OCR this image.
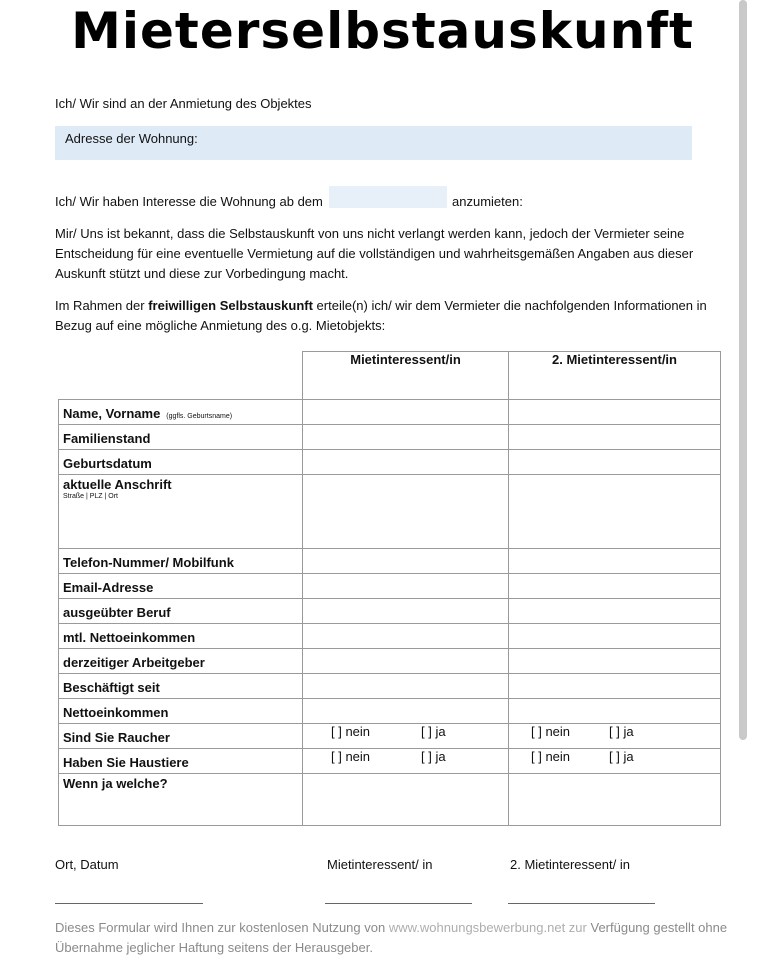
Mieterselbstauskunft
Ich/ Wir sind an der Anmietung des Objektes
Adresse der Wohnung:
Ich/ Wir haben Interesse die Wohnung ab dem	anzumieten:
Mir/ Uns ist bekannt, dass die Selbstauskunft von uns nicht verlangt werden kann, jedoch der Vermieter seine Entscheidung für eine eventuelle Vermietung auf die vollständigen und wahrheitsgemäßen Angaben aus dieser Auskunft stützt und diese zur Vorbedingung macht.
Im Rahmen der freiwilligen Selbstauskunft erteile(n) ich/ wir dem Vermieter die nachfolgenden Informationen in Bezug auf eine mögliche Anmietung des o.g. Mietobjekts:
	Mietinteressent/in	2. Mietinteressent/in
Name, Vorname (ggfls. Geburtsname)		
Familienstand		
Geburtsdatum		
aktuelle Anschrift
Straße | PLZ | Ort		

Telefon-Nummer/ Mobilfunk		
Email-Adresse		
ausgeübter Beruf		
mtl. Nettoeinkommen		
derzeitiger Arbeitgeber		
Beschäftigt seit		
Nettoeinkommen		
Sind Sie Raucher	[ ] nein [ ] ja	[ ] nein [ ] ja
Haben Sie Haustiere	[ ] nein [ ] ja	[ ] nein [ ] ja
Wenn ja welche?		
Ort, Datum	Mietinteressent/ in	2. Mietinteressent/ in
Dieses Formular wird Ihnen zur kostenlosen Nutzung von www.wohnungsbewerbung.net zur Verfügung gestellt ohne Übernahme jeglicher Haftung seitens der Herausgeber.
